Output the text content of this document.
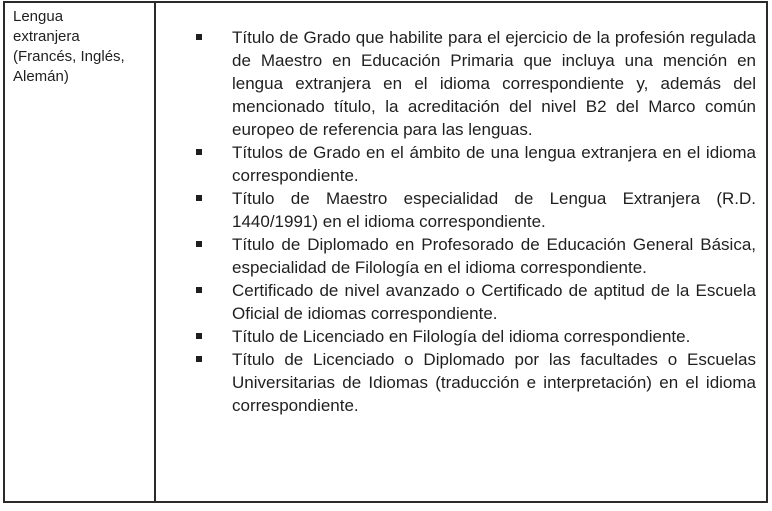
Lengua
extranjera
(Francés, Inglés,
Alemán)
Título de Grado que habilite para el ejercicio de la profesión regulada de Maestro en Educación Primaria que incluya una mención en lengua extranjera en el idioma correspondiente y, además del mencionado título, la acreditación del nivel B2 del Marco común europeo de referencia para las lenguas.
Títulos de Grado en el ámbito de una lengua extranjera en el idioma correspondiente.
Título de Maestro especialidad de Lengua Extranjera (R.D. 1440/1991) en el idioma correspondiente.
Título de Diplomado en Profesorado de Educación General Básica, especialidad de Filología en el idioma correspondiente.
Certificado de nivel avanzado o Certificado de aptitud de la Escuela Oficial de idiomas correspondiente.
Título de Licenciado en Filología del idioma correspondiente.
Título de Licenciado o Diplomado por las facultades o Escuelas Universitarias de Idiomas (traducción e interpretación) en el idioma correspondiente.
